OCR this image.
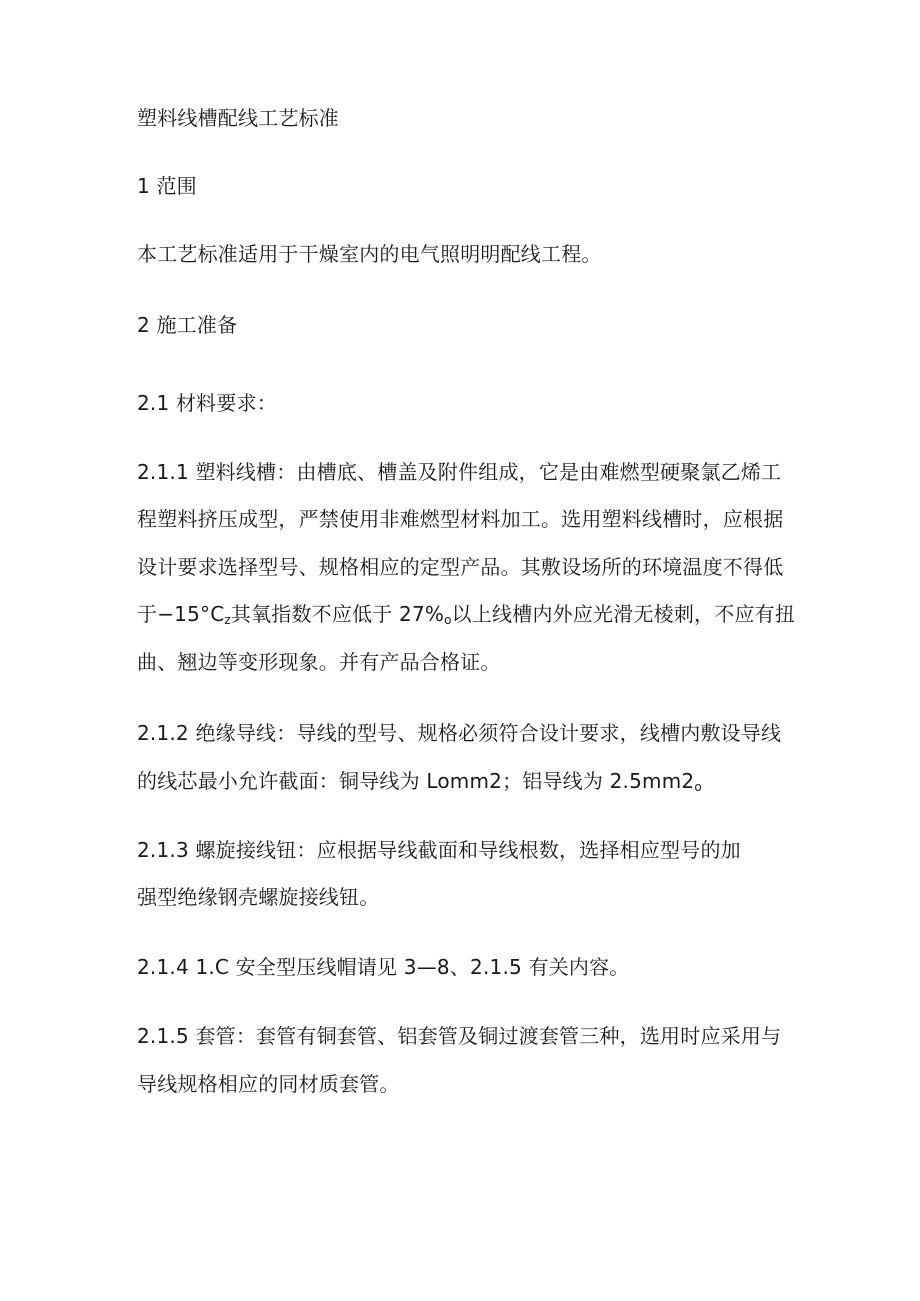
塑料线槽配线工艺标准
1 范围
本工艺标准适用于干燥室内的电气照明明配线工程。
2 施工准备
2.1 材料要求：
2.1.1 塑料线槽：由槽底、槽盖及附件组成，它是由难燃型硬聚氯乙烯工
程塑料挤压成型，严禁使用非难燃型材料加工。选用塑料线槽时，应根据
设计要求选择型号、规格相应的定型产品。其敷设场所的环境温度不得低
于$-15^\circ C_z$其氧指数不应低于 $27\%_o$以上线槽内外应光滑无棱刺，不应有扭
曲、翘边等变形现象。并有产品合格证。
2.1.2 绝缘导线：导线的型号、规格必须符合设计要求，线槽内敷设导线
的线芯最小允许截面：铜导线为 Lomm2；铝导线为 $2.5mm2_o$
2.1.3 螺旋接线钮：应根据导线截面和导线根数，选择相应型号的加
强型绝缘钢壳螺旋接线钮。
2.1.4 1.C 安全型压线帽请见 3—8、2.1.5 有关内容。
2.1.5 套管：套管有铜套管、铝套管及铜过渡套管三种，选用时应采用与
导线规格相应的同材质套管。
